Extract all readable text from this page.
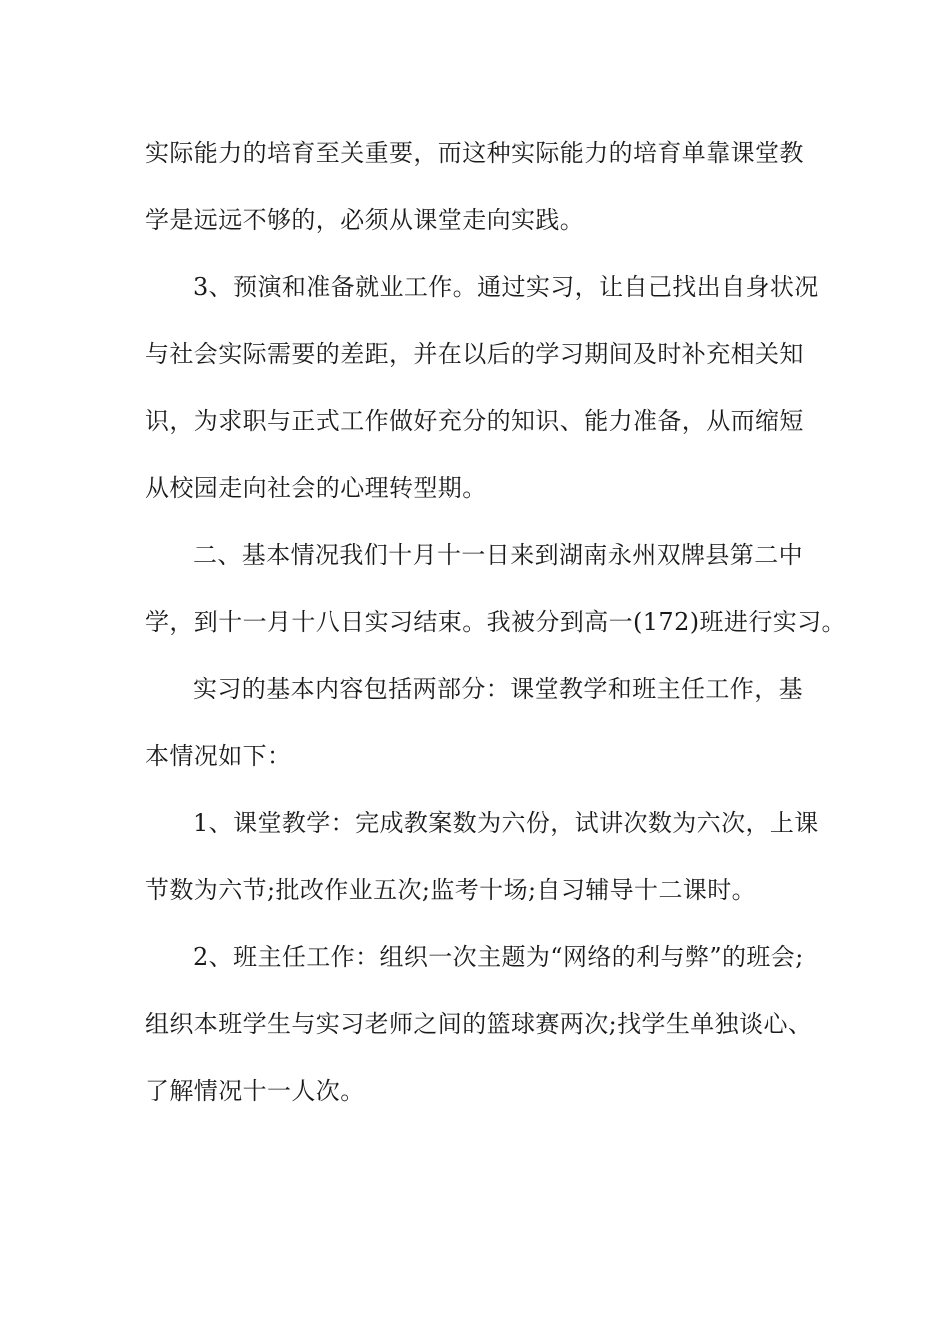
实际能力的培育至关重要，而这种实际能力的培育单靠课堂教
学是远远不够的，必须从课堂走向实践。
3、预演和准备就业工作。通过实习，让自己找出自身状况
与社会实际需要的差距，并在以后的学习期间及时补充相关知
识，为求职与正式工作做好充分的知识、能力准备，从而缩短
从校园走向社会的心理转型期。
二、基本情况我们十月十一日来到湖南永州双牌县第二中
学，到十一月十八日实习结束。我被分到高一(172)班进行实习。
实习的基本内容包括两部分：课堂教学和班主任工作，基
本情况如下：
1、课堂教学：完成教案数为六份，试讲次数为六次，上课
节数为六节;批改作业五次;监考十场;自习辅导十二课时。
2、班主任工作：组织一次主题为“网络的利与弊”的班会;
组织本班学生与实习老师之间的篮球赛两次;找学生单独谈心、
了解情况十一人次。
